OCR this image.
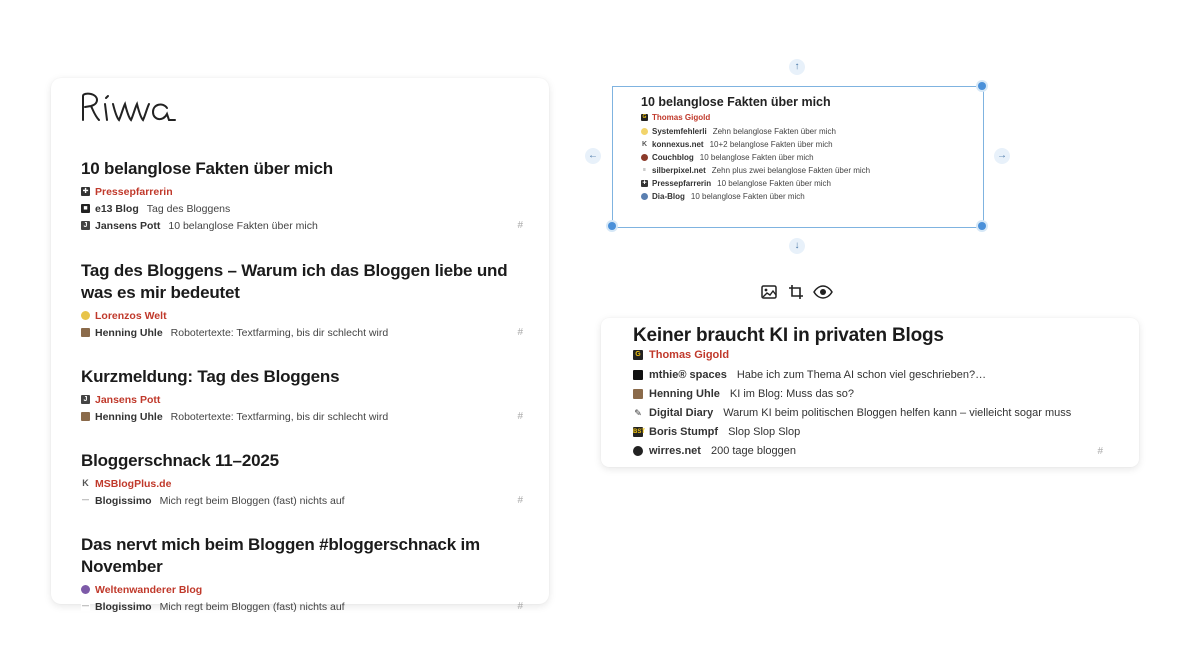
10 belanglose Fakten über mich
✚ Pressepfarrerin
■ e13 Blog Tag des Bloggens
J Jansens Pott 10 belanglose Fakten über mich	#
Tag des Bloggens – Warum ich das Bloggen liebe und was es mir bedeutet
Lorenzos Welt
Henning Uhle Robotertexte: Textfarming, bis dir schlecht wird	#
Kurzmeldung: Tag des Bloggens
J Jansens Pott
Henning Uhle Robotertexte: Textfarming, bis dir schlecht wird	#
Bloggerschnack 11–2025
K MSBlogPlus.de
― Blogissimo Mich regt beim Bloggen (fast) nichts auf	#
Das nervt mich beim Bloggen #bloggerschnack im November
Weltenwanderer Blog
― Blogissimo Mich regt beim Bloggen (fast) nichts auf	#
10 belanglose Fakten über mich
G Thomas Gigold
Systemfehlerli Zehn belanglose Fakten über mich
K konnexus.net 10+2 belanglose Fakten über mich
Couchblog 10 belanglose Fakten über mich
≡ silberpixel.net Zehn plus zwei belanglose Fakten über mich
✚ Pressepfarrerin 10 belanglose Fakten über mich
Dia-Blog 10 belanglose Fakten über mich
↑
↓
←	→
Keiner braucht KI in privaten Blogs
G Thomas Gigold
mthie® spaces Habe ich zum Thema AI schon viel geschrieben?…
Henning Uhle KI im Blog: Muss das so?
✎ Digital Diary Warum KI beim politischen Bloggen helfen kann – vielleicht sogar muss
BST Boris Stumpf Slop Slop Slop
wirres.net 200 tage bloggen	#
